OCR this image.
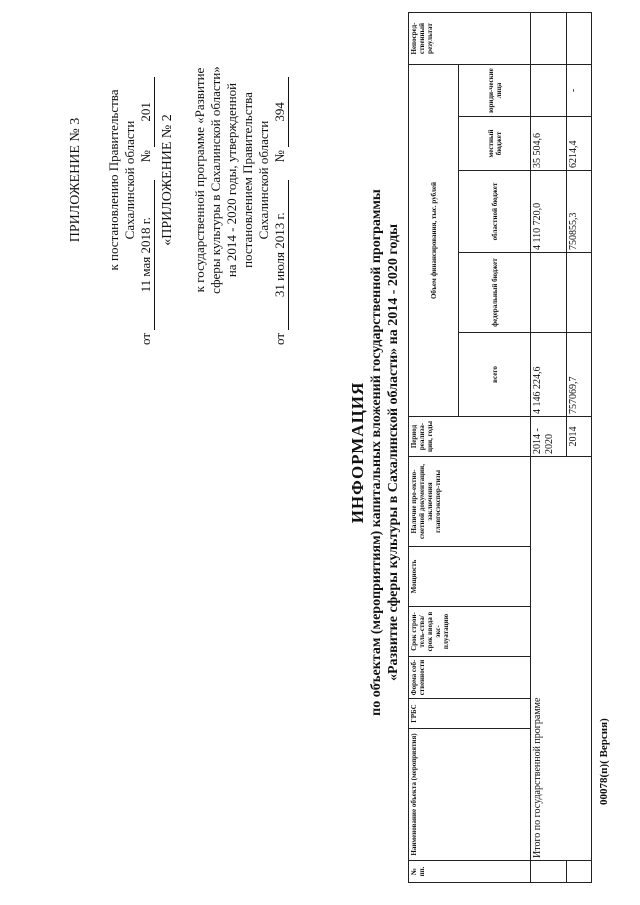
ПРИЛОЖЕНИЕ № 3 к постановлению Правительства Сахалинской области
от 11 мая 2018 г. № 201
«ПРИЛОЖЕНИЕ № 2 к государственной программе «Развитие сферы культуры в Сахалинской области» на 2014 - 2020 годы, утвержденной постановлением Правительства Сахалинской области
от 31 июля 2013 г. № 394
ИНФОРМАЦИЯ по объектам (мероприятиям) капитальных вложений государственной программы «Развитие сферы культуры в Сахалинской области» на 2014 - 2020 годы
№ пп.	Наименование объекта (мероприятия)	ГРБС	Форма соб-ственности	Срок строи-тель-ства/срок ввода в экс-плуатацию	Мощность	Наличие про-ектно-сметной документации, заключения главгосэкспер-тизы	Период реализа-ции, годы	Объем финансирования, тыс. рублей					Непосред-ственный результат
								всего	федеральный бюджет	областной бюджет	местный бюджет	юриди-ческие лица	
	Итого по государственной программе						2014 - 2020	4 146 224,6		4 110 720,0	35 504,6		
							2014	757069,7		750855,3	6214,4	-	
00078(п)( Версия)
